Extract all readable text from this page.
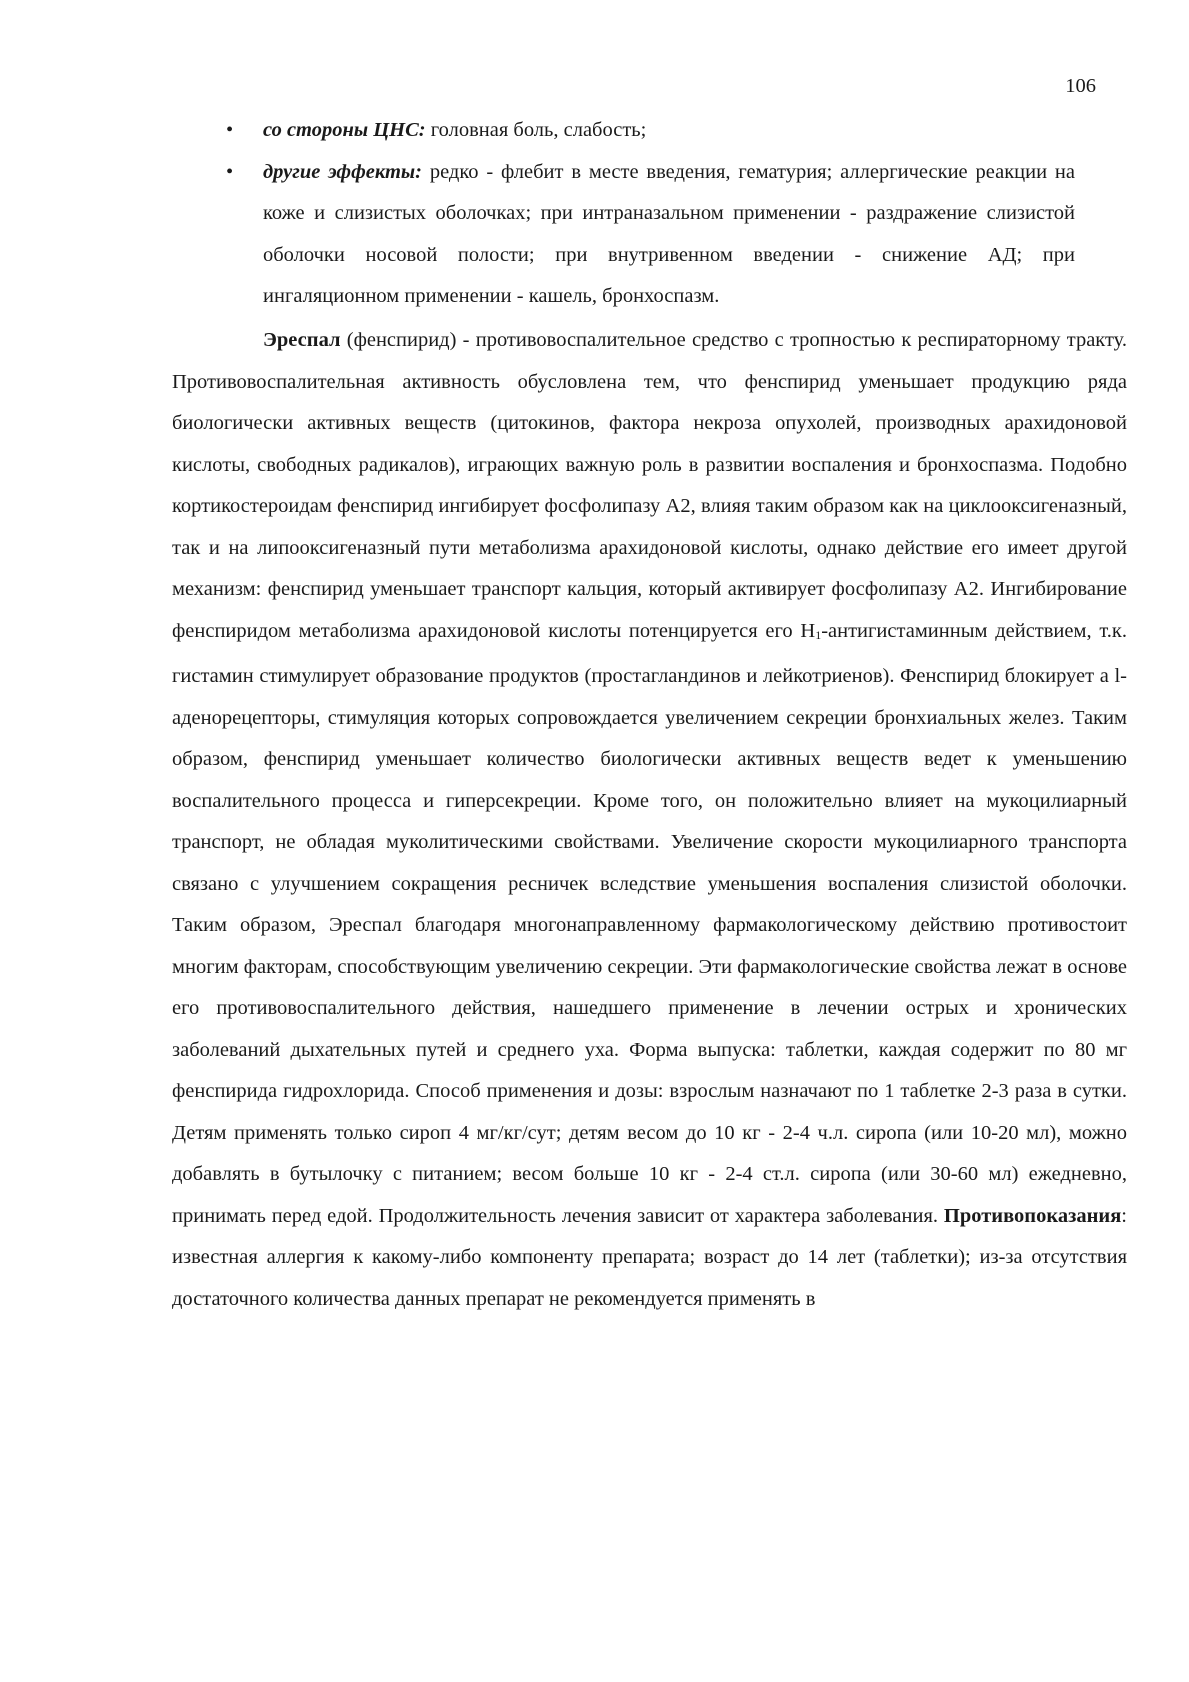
106
• со стороны ЦНС: головная боль, слабость;
• другие эффекты: редко - флебит в месте введения, гематурия; аллергические реакции на коже и слизистых оболочках; при интраназальном применении - раздражение слизистой оболочки носовой полости; при внутривенном введении - снижение АД; при ингаляционном применении - кашель, бронхоспазм.

Эреспал (фенспирид) - противовоспалительное средство с тропностью к респираторному тракту. Противовоспалительная активность обусловлена тем, что фенспирид уменьшает продукцию ряда биологически активных веществ (цитокинов, фактора некроза опухолей, производных арахидоновой кислоты, свободных радикалов), играющих важную роль в развитии воспаления и бронхоспазма. Подобно кортикостероидам фенспирид ингибирует фосфолипазу А2, влияя таким образом как на циклооксигеназный, так и на липооксигеназный пути метаболизма арахидоновой кислоты, однако действие его имеет другой механизм: фенспирид уменьшает транспорт кальция, который активирует фосфолипазу А2. Ингибирование фенспиридом метаболизма арахидоновой кислоты потенцируется его $Н_1$-антигистаминным действием, т.к. гистамин стимулирует образование продуктов (простагландинов и лейкотриенов). Фенспирид блокирует а l-аденорецепторы, стимуляция которых сопровождается увеличением секреции бронхиальных желез. Таким образом, фенспирид уменьшает количество биологически активных веществ ведет к уменьшению воспалительного процесса и гиперсекреции. Кроме того, он положительно влияет на мукоцилиарный транспорт, не обладая муколитическими свойствами. Увеличение скорости мукоцилиарного транспорта связано с улучшением сокращения ресничек вследствие уменьшения воспаления слизистой оболочки. Таким образом, Эреспал благодаря многонаправленному фармакологическому действию противостоит многим факторам, способствующим увеличению секреции. Эти фармакологические свойства лежат в основе его противовоспалительного действия, нашедшего применение в лечении острых и хронических заболеваний дыхательных путей и среднего уха. Форма выпуска: таблетки, каждая содержит по 80 мг фенспирида гидрохлорида. Способ применения и дозы: взрослым назначают по 1 таблетке 2-3 раза в сутки. Детям применять только сироп 4 мг/кг/сут; детям весом до 10 кг - 2-4 ч.л. сиропа (или 10-20 мл), можно добавлять в бутылочку с питанием; весом больше 10 кг - 2-4 ст.л. сиропа (или 30-60 мл) ежедневно, принимать перед едой. Продолжительность лечения зависит от характера заболевания. Противопоказания: известная аллергия к какому-либо компоненту препарата; возраст до 14 лет (таблетки); из-за отсутствия достаточного количества данных препарат не рекомендуется применять в
